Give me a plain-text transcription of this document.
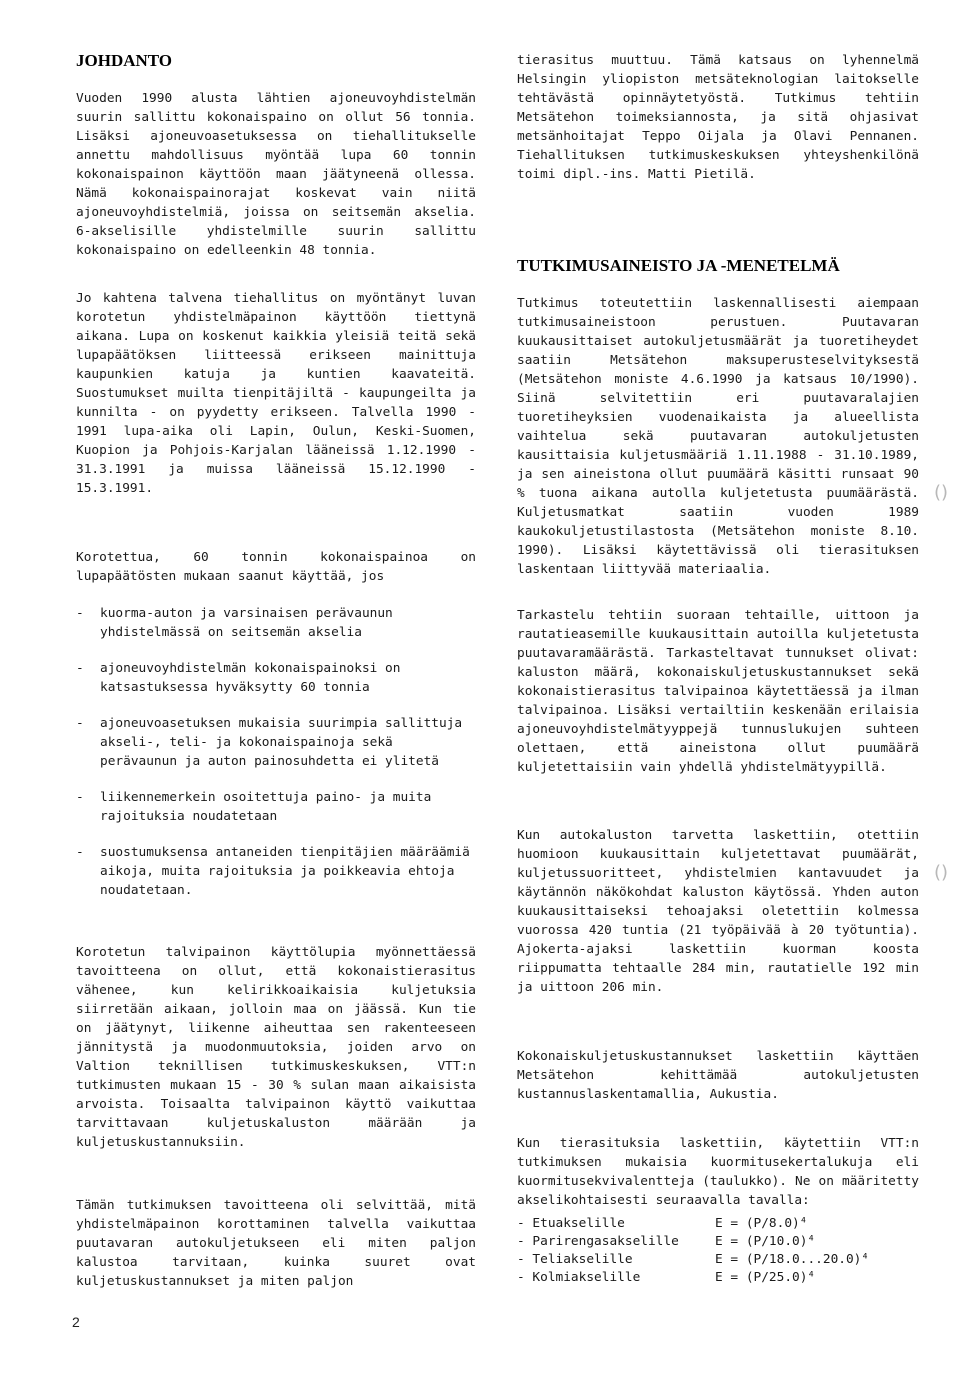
JOHDANTO

Vuoden 1990 alusta lähtien ajoneuvoyhdistelmän suurin sallittu kokonaispaino on ollut 56 tonnia. Lisäksi ajoneuvoasetuksessa on tiehallitukselle annettu mahdollisuus myöntää lupa 60 tonnin kokonaispainon käyttöön maan jäätyneenä ollessa. Nämä kokonaispainorajat koskevat vain niitä ajoneuvoyhdistelmiä, joissa on seitsemän akselia. 6-akselisille yhdistelmille suurin sallittu kokonaispaino on edelleenkin 48 tonnia.

Jo kahtena talvena tiehallitus on myöntänyt luvan korotetun yhdistelmäpainon käyttöön tiettynä aikana. Lupa on koskenut kaikkia yleisiä teitä sekä lupapäätöksen liitteessä erikseen mainittuja kaupunkien katuja ja kuntien kaavateitä. Suostumukset muilta tienpitäjiltä - kaupungeilta ja kunnilta - on pyydetty erikseen. Talvella 1990 - 1991 lupa-aika oli Lapin, Oulun, Keski-Suomen, Kuopion ja Pohjois-Karjalan lääneissä 1.12.1990 - 31.3.1991 ja muissa lääneissä 15.12.1990 - 15.3.1991.

Korotettua, 60 tonnin kokonaispainoa on lupapäätösten mukaan saanut käyttää, jos

- kuorma-auton ja varsinaisen perävaunun yhdistelmässä on seitsemän akselia
- ajoneuvoyhdistelmän kokonaispainoksi on katsastuksessa hyväksytty 60 tonnia
- ajoneuvoasetuksen mukaisia suurimpia sallittuja akseli-, teli- ja kokonaispainoja sekä perävaunun ja auton painosuhdetta ei ylitetä
- liikennemerkein osoitettuja paino- ja muita rajoituksia noudatetaan
- suostumuksensa antaneiden tienpitäjien määräämiä aikoja, muita rajoituksia ja poikkeavia ehtoja noudatetaan.

Korotetun talvipainon käyttölupia myönnettäessä tavoitteena on ollut, että kokonaistierasitus vähenee, kun kelirikkoaikaisia kuljetuksia siirretään aikaan, jolloin maa on jäässä. Kun tie on jäätynyt, liikenne aiheuttaa sen rakenteeseen jännitystä ja muodonmuutoksia, joiden arvo on Valtion teknillisen tutkimuskeskuksen, VTT:n tutkimusten mukaan 15 - 30 % sulan maan aikaisista arvoista. Toisaalta talvipainon käyttö vaikuttaa tarvittavaan kuljetuskaluston määrään ja kuljetuskustannuksiin.

Tämän tutkimuksen tavoitteena oli selvittää, mitä yhdistelmäpainon korottaminen talvella vaikuttaa puutavaran autokuljetukseen eli miten paljon kalustoa tarvitaan, kuinka suuret ovat kuljetuskustannukset ja miten paljon

tierasitus muuttuu. Tämä katsaus on lyhennelmä Helsingin yliopiston metsäteknologian laitokselle tehtävästä opinnäytetyöstä. Tutkimus tehtiin Metsätehon toimeksiannosta, ja sitä ohjasivat metsänhoitajat Teppo Oijala ja Olavi Pennanen. Tiehallituksen tutkimuskeskuksen yhteyshenkilönä toimi dipl.-ins. Matti Pietilä.

TUTKIMUSAINEISTO JA -MENETELMÄ

Tutkimus toteutettiin laskennallisesti aiempaan tutkimusaineistoon perustuen. Puutavaran kuukausittaiset autokuljetusmäärät ja tuoretiheydet saatiin Metsätehon maksuperusteselvityksestä (Metsätehon moniste 4.6.1990 ja katsaus 10/1990). Siinä selvitettiin eri puutavaralajien tuoretiheyksien vuodenaikaista ja alueellista vaihtelua sekä puutavaran autokuljetusten kausittaisia kuljetusmääriä 1.11.1988 - 31.10.1989, ja sen aineistona ollut puumäärä käsitti runsaat 90 % tuona aikana autolla kuljetetusta puumäärästä. Kuljetusmatkat saatiin vuoden 1989 kaukokuljetustilastosta (Metsätehon moniste 8.10. 1990). Lisäksi käytettävissä oli tierasituksen laskentaan liittyvää materiaalia.

Tarkastelu tehtiin suoraan tehtaille, uittoon ja rautatieasemille kuukausittain autoilla kuljetetusta puutavaramäärästä. Tarkasteltavat tunnukset olivat: kaluston määrä, kokonaiskuljetuskustannukset sekä kokonaistierasitus talvipainoa käytettäessä ja ilman talvipainoa. Lisäksi vertailtiin keskenään erilaisia ajoneuvoyhdistelmätyyppejä tunnuslukujen suhteen olettaen, että aineistona ollut puumäärä kuljetettaisiin vain yhdellä yhdistelmätyypillä.

Kun autokaluston tarvetta laskettiin, otettiin huomioon kuukausittain kuljetettavat puumäärät, kuljetussuoritteet, yhdistelmien kantavuudet ja käytännön näkökohdat kaluston käytössä. Yhden auton kuukausittaiseksi tehoajaksi oletettiin kolmessa vuorossa 420 tuntia (21 työpäivää à 20 työtuntia). Ajokerta-ajaksi laskettiin kuorman koosta riippumatta tehtaalle 284 min, rautatielle 192 min ja uittoon 206 min.

Kokonaiskuljetuskustannukset laskettiin käyttäen Metsätehon kehittämää autokuljetusten kustannuslaskentamallia, Aukustia.

Kun tierasituksia laskettiin, käytettiin VTT:n tutkimuksen mukaisia kuormitusekertalukuja eli kuormitusekvivalentteja (taulukko). Ne on määritetty akselikohtaisesti seuraavalla tavalla:

- Etuakselille	E = (P/8.0)⁴
- Parirengasakselille	E = (P/10.0)⁴
- Teliakselille	E = (P/18.0...20.0)⁴
- Kolmiakselille	E = (P/25.0)⁴
2
()
()
